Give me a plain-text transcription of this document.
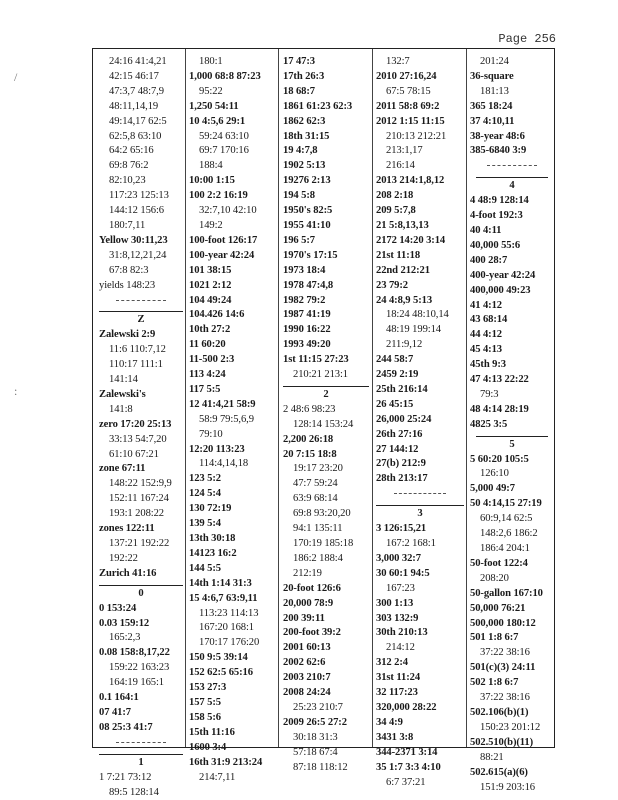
Page 256
/
:
24:16 41:4,21
42:15 46:17
47:3,7 48:7,9
48:11,14,19
49:14,17 62:5
62:5,8 63:10
64:2 65:16
69:8 76:2
82:10,23
117:23 125:13
144:12 156:6
180:7,11
Yellow 30:11,23
31:8,12,21,24
67:8 82:3
yields 148:23
Z
Zalewski 2:9
11:6 110:7,12
110:17 111:1
141:14
Zalewski's
141:8
zero 17:20 25:13
33:13 54:7,20
61:10 67:21
zone 67:11
148:22 152:9,9
152:11 167:24
193:1 208:22
zones 122:11
137:21 192:22
192:22
Zurich 41:16
0
0 153:24
0.03 159:12
165:2,3
0.08 158:8,17,22
159:22 163:23
164:19 165:1
0.1 164:1
07 41:7
08 25:3 41:7
1
1 7:21 73:12
89:5 128:14
180:1
1,000 68:8 87:23
95:22
1,250 54:11
10 4:5,6 29:1
59:24 63:10
69:7 170:16
188:4
10:00 1:15
100 2:2 16:19
32:7,10 42:10
149:2
100-foot 126:17
100-year 42:24
101 38:15
1021 2:12
104 49:24
104.426 14:6
10th 27:2
11 60:20
11-500 2:3
113 4:24
117 5:5
12 41:4,21 58:9
58:9 79:5,6,9
79:10
12:20 113:23
114:4,14,18
123 5:2
124 5:4
130 72:19
139 5:4
13th 30:18
14123 16:2
144 5:5
14th 1:14 31:3
15 4:6,7 63:9,11
113:23 114:13
167:20 168:1
170:17 176:20
150 9:5 39:14
152 62:5 65:16
153 27:3
157 5:5
158 5:6
15th 11:16
1600 3:4
16th 31:9 213:24
214:7,11
17 47:3
17th 26:3
18 68:7
1861 61:23 62:3
1862 62:3
18th 31:15
19 4:7,8
1902 5:13
19276 2:13
194 5:8
1950's 82:5
1955 41:10
196 5:7
1970's 17:15
1973 18:4
1978 47:4,8
1982 79:2
1987 41:19
1990 16:22
1993 49:20
1st 11:15 27:23
210:21 213:1
2
2 48:6 98:23
128:14 153:24
2,200 26:18
20 7:15 18:8
19:17 23:20
47:7 59:24
63:9 68:14
69:8 93:20,20
94:1 135:11
170:19 185:18
186:2 188:4
212:19
20-foot 126:6
20,000 78:9
200 39:11
200-foot 39:2
2001 60:13
2002 62:6
2003 210:7
2008 24:24
25:23 210:7
2009 26:5 27:2
30:18 31:3
57:18 67:4
87:18 118:12
132:7
2010 27:16,24
67:5 78:15
2011 58:8 69:2
2012 1:15 11:15
210:13 212:21
213:1,17
216:14
2013 214:1,8,12
208 2:18
209 5:7,8
21 5:8,13,13
2172 14:20 3:14
21st 11:18
22nd 212:21
23 79:2
24 4:8,9 5:13
18:24 48:10,14
48:19 199:14
211:9,12
244 58:7
2459 2:19
25th 216:14
26 45:15
26,000 25:24
26th 27:16
27 144:12
27(b) 212:9
28th 213:17
3
3 126:15,21
167:2 168:1
3,000 32:7
30 60:1 94:5
167:23
300 1:13
303 132:9
30th 210:13
214:12
312 2:4
31st 11:24
32 117:23
320,000 28:22
34 4:9
3431 3:8
344-2371 3:14
35 1:7 3:3 4:10
6:7 37:21
201:24
36-square
181:13
365 18:24
37 4:10,11
38-year 48:6
385-6840 3:9
4
4 48:9 128:14
4-foot 192:3
40 4:11
40,000 55:6
400 28:7
400-year 42:24
400,000 49:23
41 4:12
43 68:14
44 4:12
45 4:13
45th 9:3
47 4:13 22:22
79:3
48 4:14 28:19
4825 3:5
5
5 60:20 105:5
126:10
5,000 49:7
50 4:14,15 27:19
60:9,14 62:5
148:2,6 186:2
186:4 204:1
50-foot 122:4
208:20
50-gallon 167:10
50,000 76:21
500,000 180:12
501 1:8 6:7
37:22 38:16
501(c)(3) 24:11
502 1:8 6:7
37:22 38:16
502.106(b)(1)
150:23 201:12
502.510(b)(11)
88:21
502.615(a)(6)
151:9 203:16
